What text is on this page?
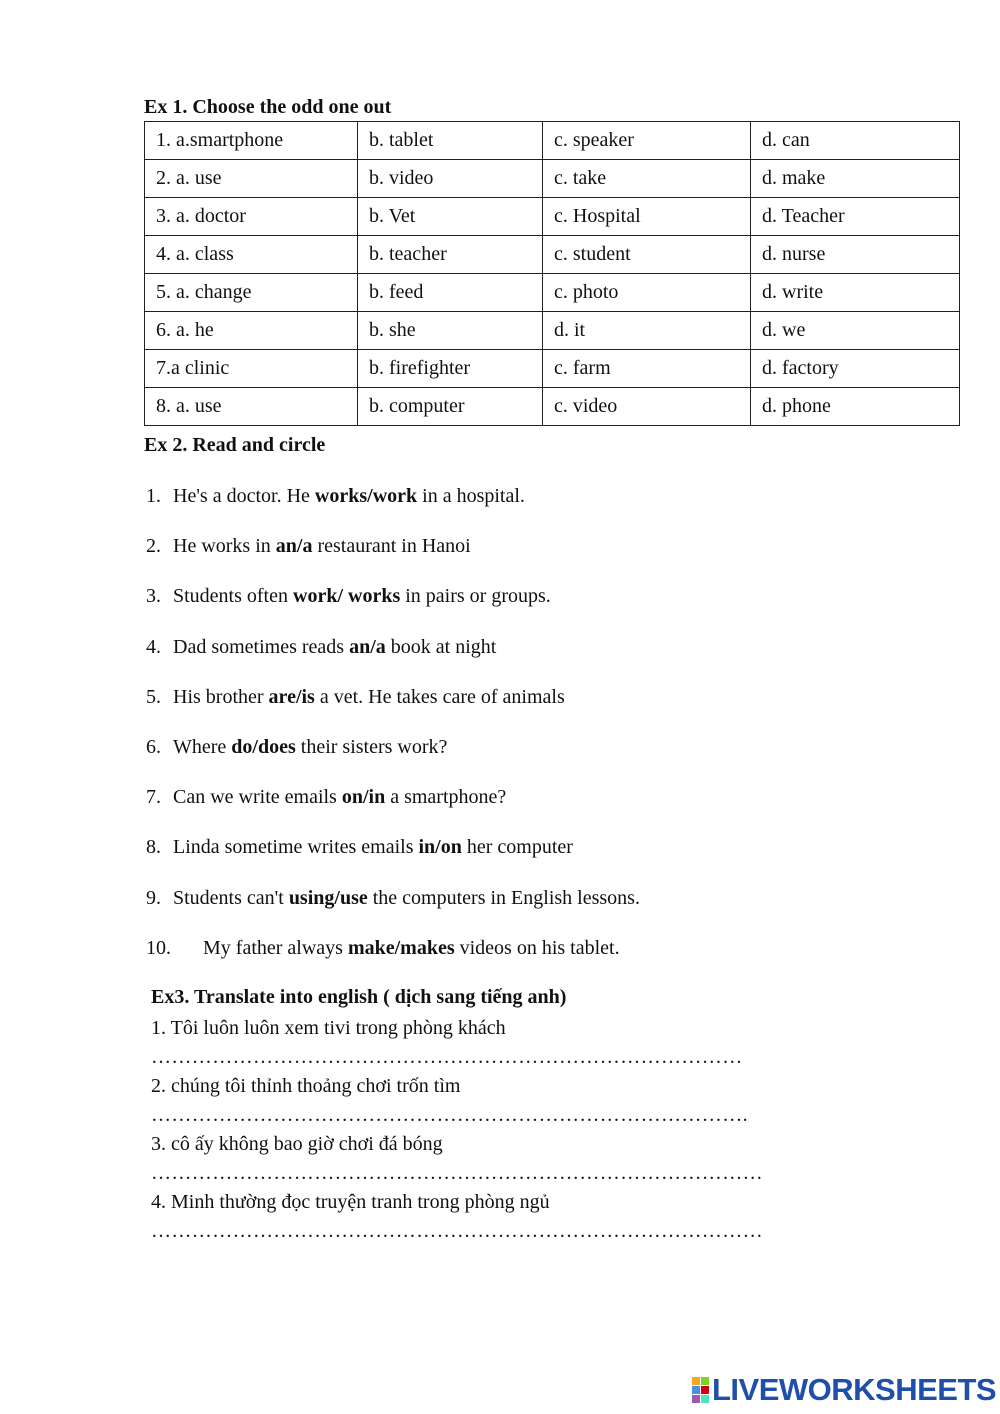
Ex 1. Choose the odd one out
1. a.smartphone	b. tablet	c. speaker	d. can
2. a. use	b. video	c. take	d. make
3. a. doctor	b. Vet	c. Hospital	d. Teacher
4. a. class	b. teacher	c. student	d. nurse
5. a. change	b. feed	c. photo	d. write
6. a. he	b. she	d. it	d. we
7.a clinic	b. firefighter	c. farm	d. factory
8. a. use	b. computer	c. video	d. phone
Ex 2. Read and circle
1. He's a doctor. He works/work in a hospital.
2. He works in an/a restaurant in Hanoi
3. Students often work/ works in pairs or groups.
4. Dad sometimes reads an/a book at night
5. His brother are/is a vet. He takes care of animals
6. Where do/does their sisters work?
7. Can we write emails on/in a smartphone?
8. Linda sometime writes emails in/on her computer
9. Students can't using/use the computers in English lessons.
10. My father always make/makes videos on his tablet.
Ex3. Translate into english ( dịch sang tiếng anh)
1. Tôi luôn luôn xem tivi trong phòng khách
……………………………………………………………………………
2. chúng tôi thỉnh thoảng chơi trốn tìm
…………………………………………………………………………….
3. cô ấy không bao giờ chơi đá bóng
………………………………………………………………………………
4. Minh thường đọc truyện tranh trong phòng ngủ
………………………………………………………………………………
LIVEWORKSHEETS
